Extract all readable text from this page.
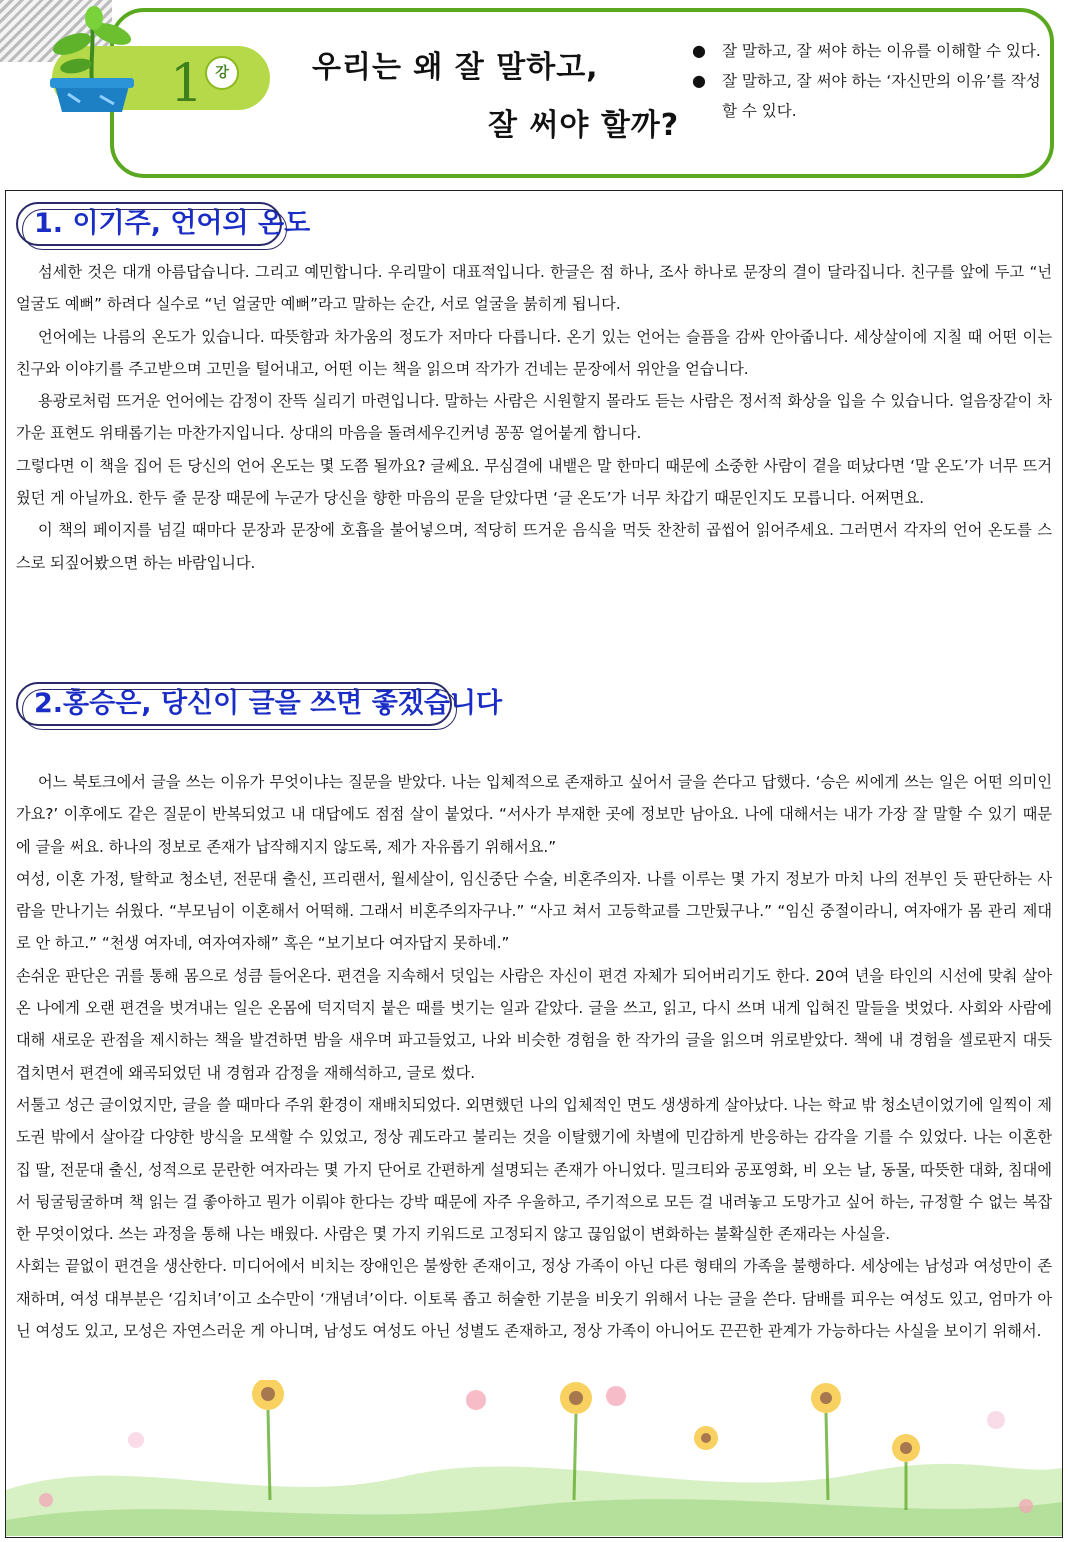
1 강	우리는 왜 잘 말하고,
잘 써야 할까?
●	잘 말하고, 잘 써야 하는 이유를 이해할 수 있다.
●	잘 말하고, 잘 써야 하는 ‘자신만의 이유’를 작성할 수 있다.
1. 이기주, 언어의 온도

섬세한 것은 대개 아름답습니다. 그리고 예민합니다. 우리말이 대표적입니다. 한글은 점 하나, 조사 하나로 문장의 결이 달라집니다. 친구를 앞에 두고 “넌 얼굴도 예뻐” 하려다 실수로 “넌 얼굴만 예뻐”라고 말하는 순간, 서로 얼굴을 붉히게 됩니다.

언어에는 나름의 온도가 있습니다. 따뜻함과 차가움의 정도가 저마다 다릅니다. 온기 있는 언어는 슬픔을 감싸 안아줍니다. 세상살이에 지칠 때 어떤 이는 친구와 이야기를 주고받으며 고민을 털어내고, 어떤 이는 책을 읽으며 작가가 건네는 문장에서 위안을 얻습니다.

용광로처럼 뜨거운 언어에는 감정이 잔뜩 실리기 마련입니다. 말하는 사람은 시원할지 몰라도 듣는 사람은 정서적 화상을 입을 수 있습니다. 얼음장같이 차가운 표현도 위태롭기는 마찬가지입니다. 상대의 마음을 돌려세우긴커녕 꽁꽁 얼어붙게 합니다.

그렇다면 이 책을 집어 든 당신의 언어 온도는 몇 도쯤 될까요? 글쎄요. 무심결에 내뱉은 말 한마디 때문에 소중한 사람이 곁을 떠났다면 ‘말 온도’가 너무 뜨거웠던 게 아닐까요. 한두 줄 문장 때문에 누군가 당신을 향한 마음의 문을 닫았다면 ‘글 온도’가 너무 차갑기 때문인지도 모릅니다. 어쩌면요.

이 책의 페이지를 넘길 때마다 문장과 문장에 호흡을 불어넣으며, 적당히 뜨거운 음식을 먹듯 찬찬히 곱씹어 읽어주세요. 그러면서 각자의 언어 온도를 스스로 되짚어봤으면 하는 바람입니다.

2.홍승은, 당신이 글을 쓰면 좋겠습니다

어느 북토크에서 글을 쓰는 이유가 무엇이냐는 질문을 받았다. 나는 입체적으로 존재하고 싶어서 글을 쓴다고 답했다. ‘승은 씨에게 쓰는 일은 어떤 의미인가요?’ 이후에도 같은 질문이 반복되었고 내 대답에도 점점 살이 붙었다. “서사가 부재한 곳에 정보만 남아요. 나에 대해서는 내가 가장 잘 말할 수 있기 때문에 글을 써요. 하나의 정보로 존재가 납작해지지 않도록, 제가 자유롭기 위해서요.”

여성, 이혼 가정, 탈학교 청소년, 전문대 출신, 프리랜서, 월세살이, 임신중단 수술, 비혼주의자. 나를 이루는 몇 가지 정보가 마치 나의 전부인 듯 판단하는 사람을 만나기는 쉬웠다. “부모님이 이혼해서 어떡해. 그래서 비혼주의자구나.” “사고 쳐서 고등학교를 그만뒀구나.” “임신 중절이라니, 여자애가 몸 관리 제대로 안 하고.” “천생 여자네, 여자여자해” 혹은 “보기보다 여자답지 못하네.”

손쉬운 판단은 귀를 통해 몸으로 성큼 들어온다. 편견을 지속해서 덧입는 사람은 자신이 편견 자체가 되어버리기도 한다. 20여 년을 타인의 시선에 맞춰 살아온 나에게 오랜 편견을 벗겨내는 일은 온몸에 덕지덕지 붙은 때를 벗기는 일과 같았다. 글을 쓰고, 읽고, 다시 쓰며 내게 입혀진 말들을 벗었다. 사회와 사람에 대해 새로운 관점을 제시하는 책을 발견하면 밤을 새우며 파고들었고, 나와 비슷한 경험을 한 작가의 글을 읽으며 위로받았다. 책에 내 경험을 셀로판지 대듯 겹치면서 편견에 왜곡되었던 내 경험과 감정을 재해석하고, 글로 썼다.

서툴고 성근 글이었지만, 글을 쓸 때마다 주위 환경이 재배치되었다. 외면했던 나의 입체적인 면도 생생하게 살아났다. 나는 학교 밖 청소년이었기에 일찍이 제도권 밖에서 살아갈 다양한 방식을 모색할 수 있었고, 정상 궤도라고 불리는 것을 이탈했기에 차별에 민감하게 반응하는 감각을 기를 수 있었다. 나는 이혼한 집 딸, 전문대 출신, 성적으로 문란한 여자라는 몇 가지 단어로 간편하게 설명되는 존재가 아니었다. 밀크티와 공포영화, 비 오는 날, 동물, 따뜻한 대화, 침대에서 뒹굴뒹굴하며 책 읽는 걸 좋아하고 뭔가 이뤄야 한다는 강박 때문에 자주 우울하고, 주기적으로 모든 걸 내려놓고 도망가고 싶어 하는, 규정할 수 없는 복잡한 무엇이었다. 쓰는 과정을 통해 나는 배웠다. 사람은 몇 가지 키워드로 고정되지 않고 끊임없이 변화하는 불확실한 존재라는 사실을.

사회는 끝없이 편견을 생산한다. 미디어에서 비치는 장애인은 불쌍한 존재이고, 정상 가족이 아닌 다른 형태의 가족을 불행하다. 세상에는 남성과 여성만이 존재하며, 여성 대부분은 ‘김치녀’이고 소수만이 ‘개념녀’이다. 이토록 좁고 허술한 기분을 비웃기 위해서 나는 글을 쓴다. 담배를 피우는 여성도 있고, 엄마가 아닌 여성도 있고, 모성은 자연스러운 게 아니며, 남성도 여성도 아닌 성별도 존재하고, 정상 가족이 아니어도 끈끈한 관계가 가능하다는 사실을 보이기 위해서.
